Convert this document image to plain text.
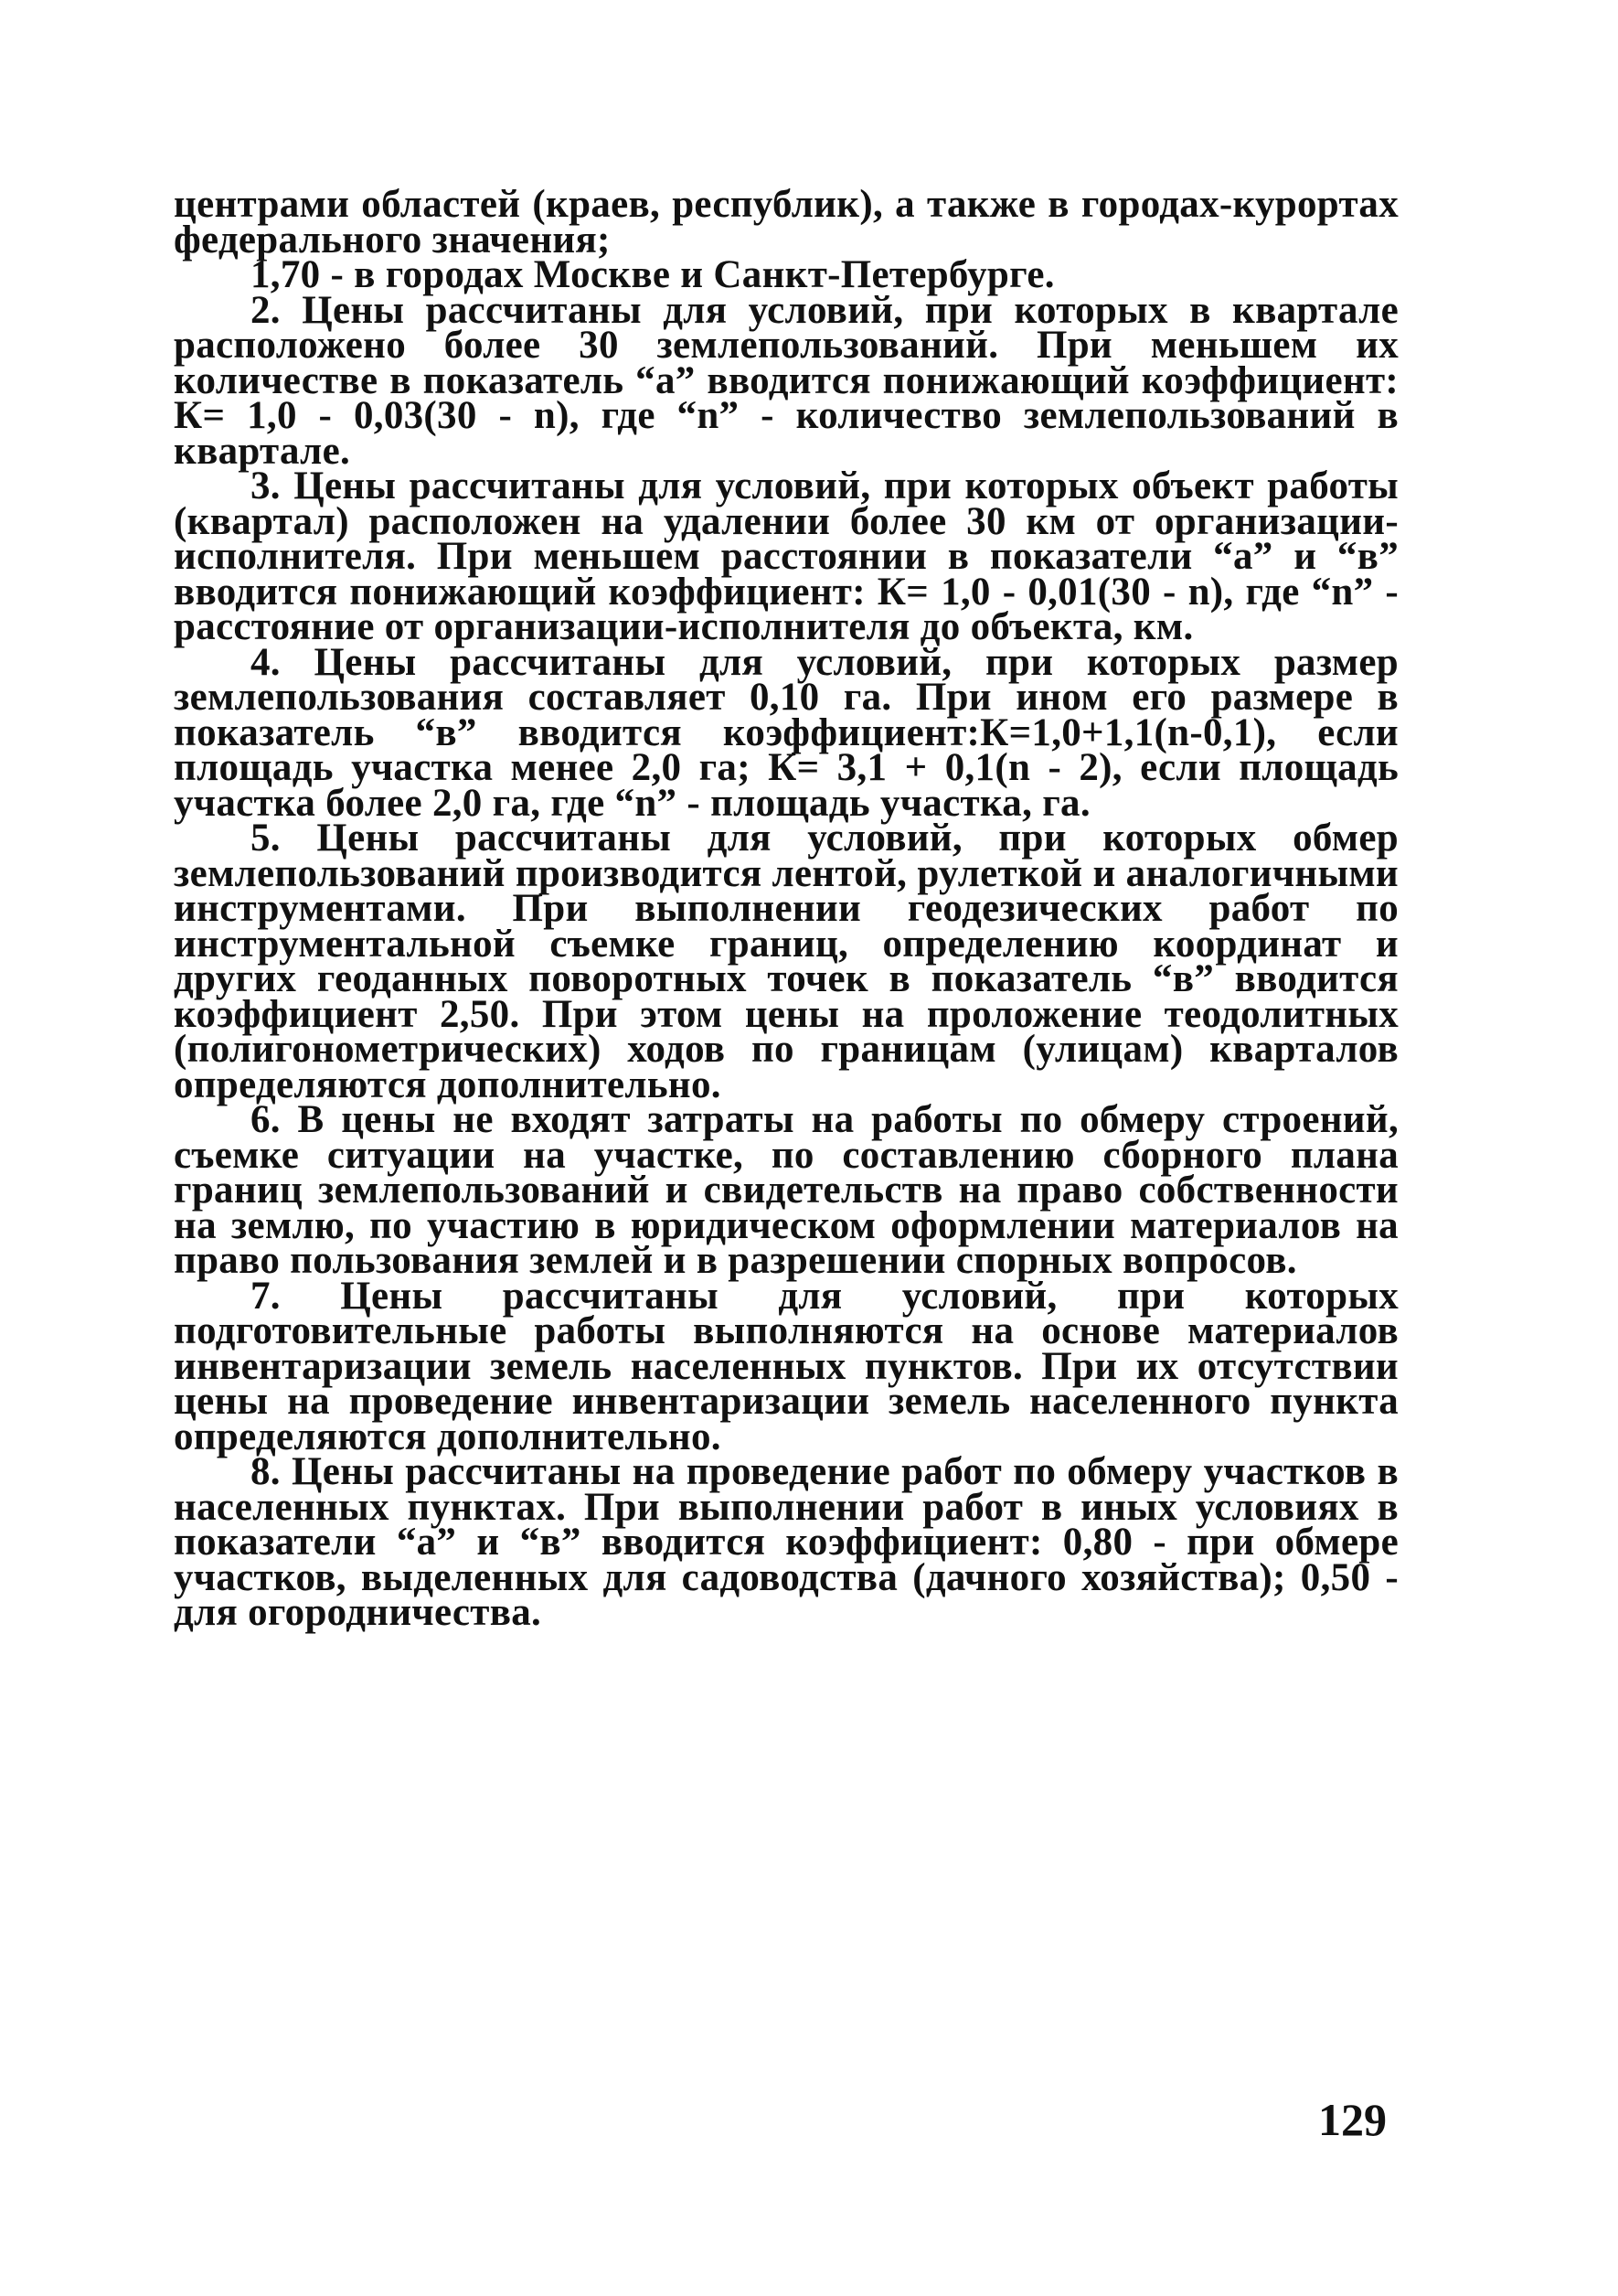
центрами областей (краев, республик), а также в городах-курортах федерального значения;

1,70 - в городах Москве и Санкт-Петербурге.

2. Цены рассчитаны для условий, при которых в квартале расположено более 30 землепользований. При меньшем их количестве в показатель “а” вводится понижающий коэффициент: К= 1,0 - 0,03(30 - n), где “n” - количество землепользований в квартале.

3. Цены рассчитаны для условий, при которых объект работы (квартал) расположен на удалении более 30 км от организации-исполнителя. При меньшем расстоянии в показатели “а” и “в” вводится понижающий коэффициент: К= 1,0 - 0,01(30 - n), где “n” - расстояние от организации-исполнителя до объекта, км.

4. Цены рассчитаны для условий, при которых размер землепользования составляет 0,10 га. При ином его размере в показатель “в” вводится коэффициент:К=1,0+1,1(n-0,1), если площадь участка менее 2,0 га; К= 3,1 + 0,1(n - 2), если площадь участка более 2,0 га, где “n” - площадь участка, га.

5. Цены рассчитаны для условий, при которых обмер землепользований производится лентой, рулеткой и аналогичными инструментами. При выполнении геодезических работ по инструментальной съемке границ, определению координат и других геоданных поворотных точек в показатель “в” вводится коэффициент 2,50. При этом цены на проложение теодолитных (полигонометрических) ходов по границам (улицам) кварталов определяются дополнительно.

6. В цены не входят затраты на работы по обмеру строений, съемке ситуации на участке, по составлению сборного плана границ землепользований и свидетельств на право собственности на землю, по участию в юридическом оформлении материалов на право пользования землей и в разрешении спорных вопросов.

7. Цены рассчитаны для условий, при которых подготовительные работы выполняются на основе материалов инвентаризации земель населенных пунктов. При их отсутствии цены на проведение инвентаризации земель населенного пункта определяются дополнительно.

8. Цены рассчитаны на проведение работ по обмеру участков в населенных пунктах. При выполнении работ в иных условиях в показатели “а” и “в” вводится коэффициент: 0,80 - при обмере участков, выделенных для садоводства (дачного хозяйства); 0,50 - для огородничества.

129
